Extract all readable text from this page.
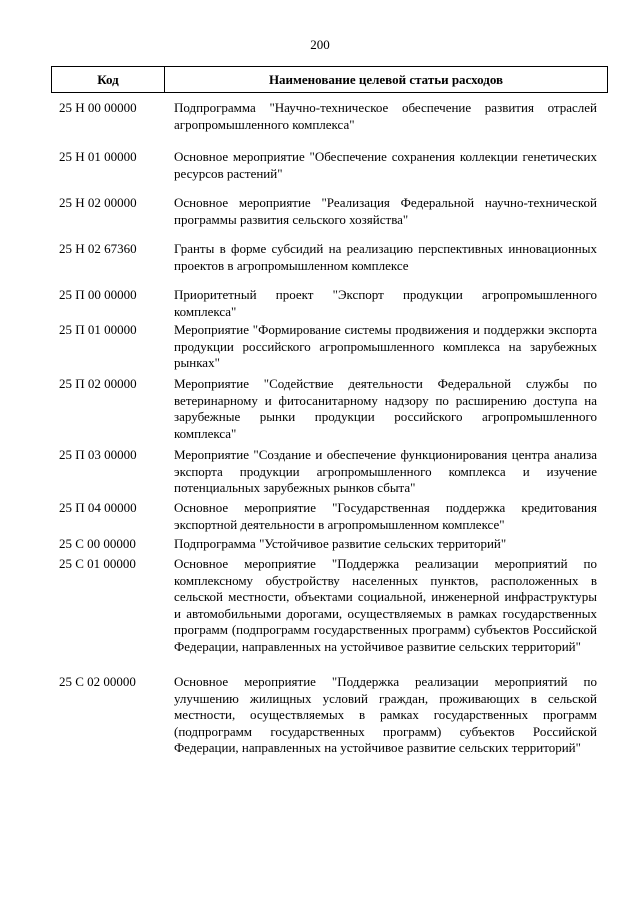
200
Код	Наименование целевой статьи расходов
25 Н 00 00000	Подпрограмма "Научно-техническое обеспечение развития отраслей агропромышленного комплекса"
25 Н 01 00000	Основное мероприятие "Обеспечение сохранения коллекции генетических ресурсов растений"
25 Н 02 00000	Основное мероприятие "Реализация Федеральной научно-технической программы развития сельского хозяйства"
25 Н 02 67360	Гранты в форме субсидий на реализацию перспективных инновационных проектов в агропромышленном комплексе
25 П 00 00000	Приоритетный проект "Экспорт продукции агропромышленного комплекса"
25 П 01 00000	Мероприятие "Формирование системы продвижения и поддержки экспорта продукции российского агропромышленного комплекса на зарубежных рынках"
25 П 02 00000	Мероприятие "Содействие деятельности Федеральной службы по ветеринарному и фитосанитарному надзору по расширению доступа на зарубежные рынки продукции российского агропромышленного комплекса"
25 П 03 00000	Мероприятие "Создание и обеспечение функционирования центра анализа экспорта продукции агропромышленного комплекса и изучение потенциальных зарубежных рынков сбыта"
25 П 04 00000	Основное мероприятие "Государственная поддержка кредитования экспортной деятельности в агропромышленном комплексе"
25 С 00 00000	Подпрограмма "Устойчивое развитие сельских территорий"
25 С 01 00000	Основное мероприятие "Поддержка реализации мероприятий по комплексному обустройству населенных пунктов, расположенных в сельской местности, объектами социальной, инженерной инфраструктуры и автомобильными дорогами, осуществляемых в рамках государственных программ (подпрограмм государственных программ) субъектов Российской Федерации, направленных на устойчивое развитие сельских территорий"
25 С 02 00000	Основное мероприятие "Поддержка реализации мероприятий по улучшению жилищных условий граждан, проживающих в сельской местности, осуществляемых в рамках государственных программ (подпрограмм государственных программ) субъектов Российской Федерации, направленных на устойчивое развитие сельских территорий"
